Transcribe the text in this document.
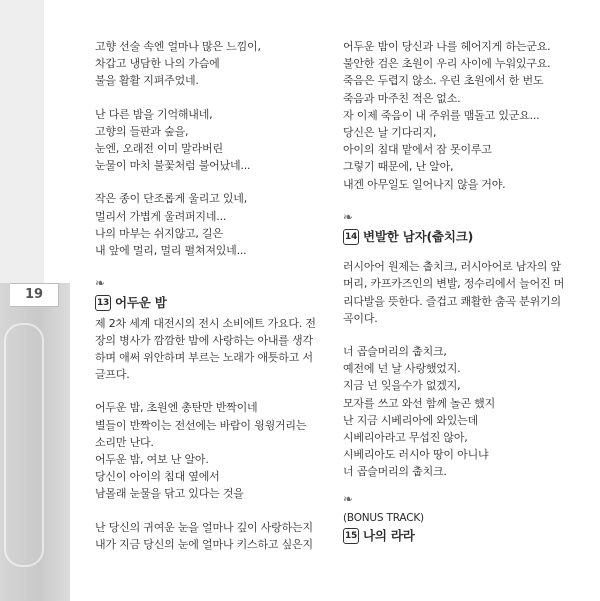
19
고향 선술 속엔 얼마나 많은 느낌이,
차갑고 냉담한 나의 가슴에
불을 활활 지펴주었네.
난 다른 밤을 기억해내네,
고향의 들판과 숲을,
눈엔, 오래전 이미 말라버린
눈물이 마치 불꽃처럼 불어났네...
작은 종이 단조롭게 울리고 있네,
멀리서 가볍게 울려퍼지네...
나의 마부는 쉬지않고, 길은
내 앞에 멀리, 멀리 펼쳐져있네...
❧
13 어두운 밤
제 2차 세계 대전시의 전시 소비에트 가요다. 전
장의 병사가 깜깜한 밤에 사랑하는 아내를 생각
하며 애써 위안하며 부르는 노래가 애틋하고 서
글프다.
어두운 밤, 초원엔 총탄만 반짝이네
별들이 반짝이는 전선에는 바람이 윙윙거리는
소리만 난다.
어두운 밤, 여보 난 알아.
당신이 아이의 침대 옆에서
남몰래 눈물을 닦고 있다는 것을
난 당신의 귀여운 눈을 얼마나 깊이 사랑하는지
내가 지금 당신의 눈에 얼마나 키스하고 싶은지
어두운 밤이 당신과 나를 헤어지게 하는군요.
불안한 검은 초원이 우리 사이에 누워있구요.
죽음은 두렵지 않소. 우린 초원에서 한 번도
죽음과 마주친 적은 없소.
자 이제 죽음이 내 주위를 맴돌고 있군요...
당신은 날 기다리지,
아이의 침대 맡에서 잠 못이루고
그렇기 때문에, 난 알아,
내겐 아무일도 일어나지 않을 거야.
❧
14 변발한 남자(춥치크)
러시아어 원제는 춥치크, 러시아어로 남자의 앞
머리, 카프카즈인의 변발, 정수리에서 늘어진 머
리다발을 뜻한다. 즐겁고 쾌활한 춤곡 분위기의
곡이다.
너 곱슬머리의 춥치크,
예전에 넌 날 사랑했었지.
지금 넌 잊을수가 없겠지,
모자를 쓰고 와선 함께 놀곤 했지
난 지금 시베리아에 와있는데
시베리아라고 무섭진 않아,
시베리아도 러시아 땅이 아니냐
너 곱슬머리의 춥치크.
❧
(BONUS TRACK)
15 나의 라라
